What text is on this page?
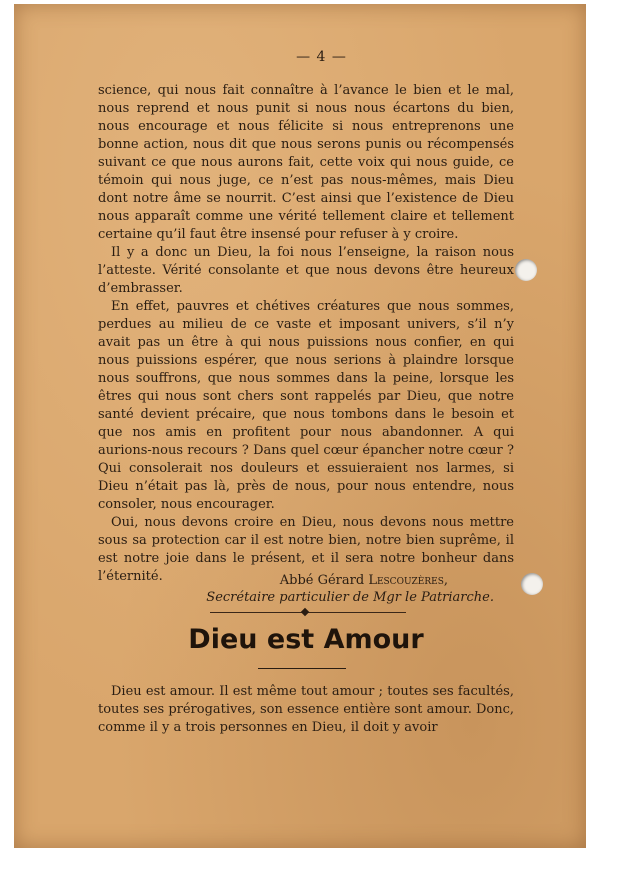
— 4 —

science, qui nous fait connaître à l’avance le bien et le mal, nous reprend et nous punit si nous nous écartons du bien, nous encourage et nous félicite si nous entreprenons une bonne action, nous dit que nous serons punis ou récompensés suivant ce que nous aurons fait, cette voix qui nous guide, ce témoin qui nous juge, ce n’est pas nous-mêmes, mais Dieu dont notre âme se nourrit. C’est ainsi que l’existence de Dieu nous apparaît comme une vérité tellement claire et tellement certaine qu’il faut être insensé pour refuser à y croire.

Il y a donc un Dieu, la foi nous l’enseigne, la raison nous l’atteste. Vérité consolante et que nous devons être heureux d’embrasser.

En effet, pauvres et chétives créatures que nous sommes, perdues au milieu de ce vaste et imposant univers, s’il n’y avait pas un être à qui nous puissions nous confier, en qui nous puissions espérer, que nous serions à plaindre lorsque nous souffrons, que nous sommes dans la peine, lorsque les êtres qui nous sont chers sont rappelés par Dieu, que notre santé devient précaire, que nous tombons dans le besoin et que nos amis en profitent pour nous abandonner. A qui aurions-nous recours ? Dans quel cœur épancher notre cœur ? Qui consolerait nos douleurs et essuieraient nos larmes, si Dieu n’était pas là, près de nous, pour nous entendre, nous consoler, nous encourager.

Oui, nous devons croire en Dieu, nous devons nous mettre sous sa protection car il est notre bien, notre bien suprême, il est notre joie dans le présent, et il sera notre bonheur dans l’éternité.	Abbé Gérard Lescouzères,
Secrétaire particulier de Mgr le Patriarche.
Dieu est Amour

Dieu est amour. Il est même tout amour ; toutes ses facultés, toutes ses prérogatives, son essence entière sont amour. Donc, comme il y a trois personnes en Dieu, il doit y avoir
